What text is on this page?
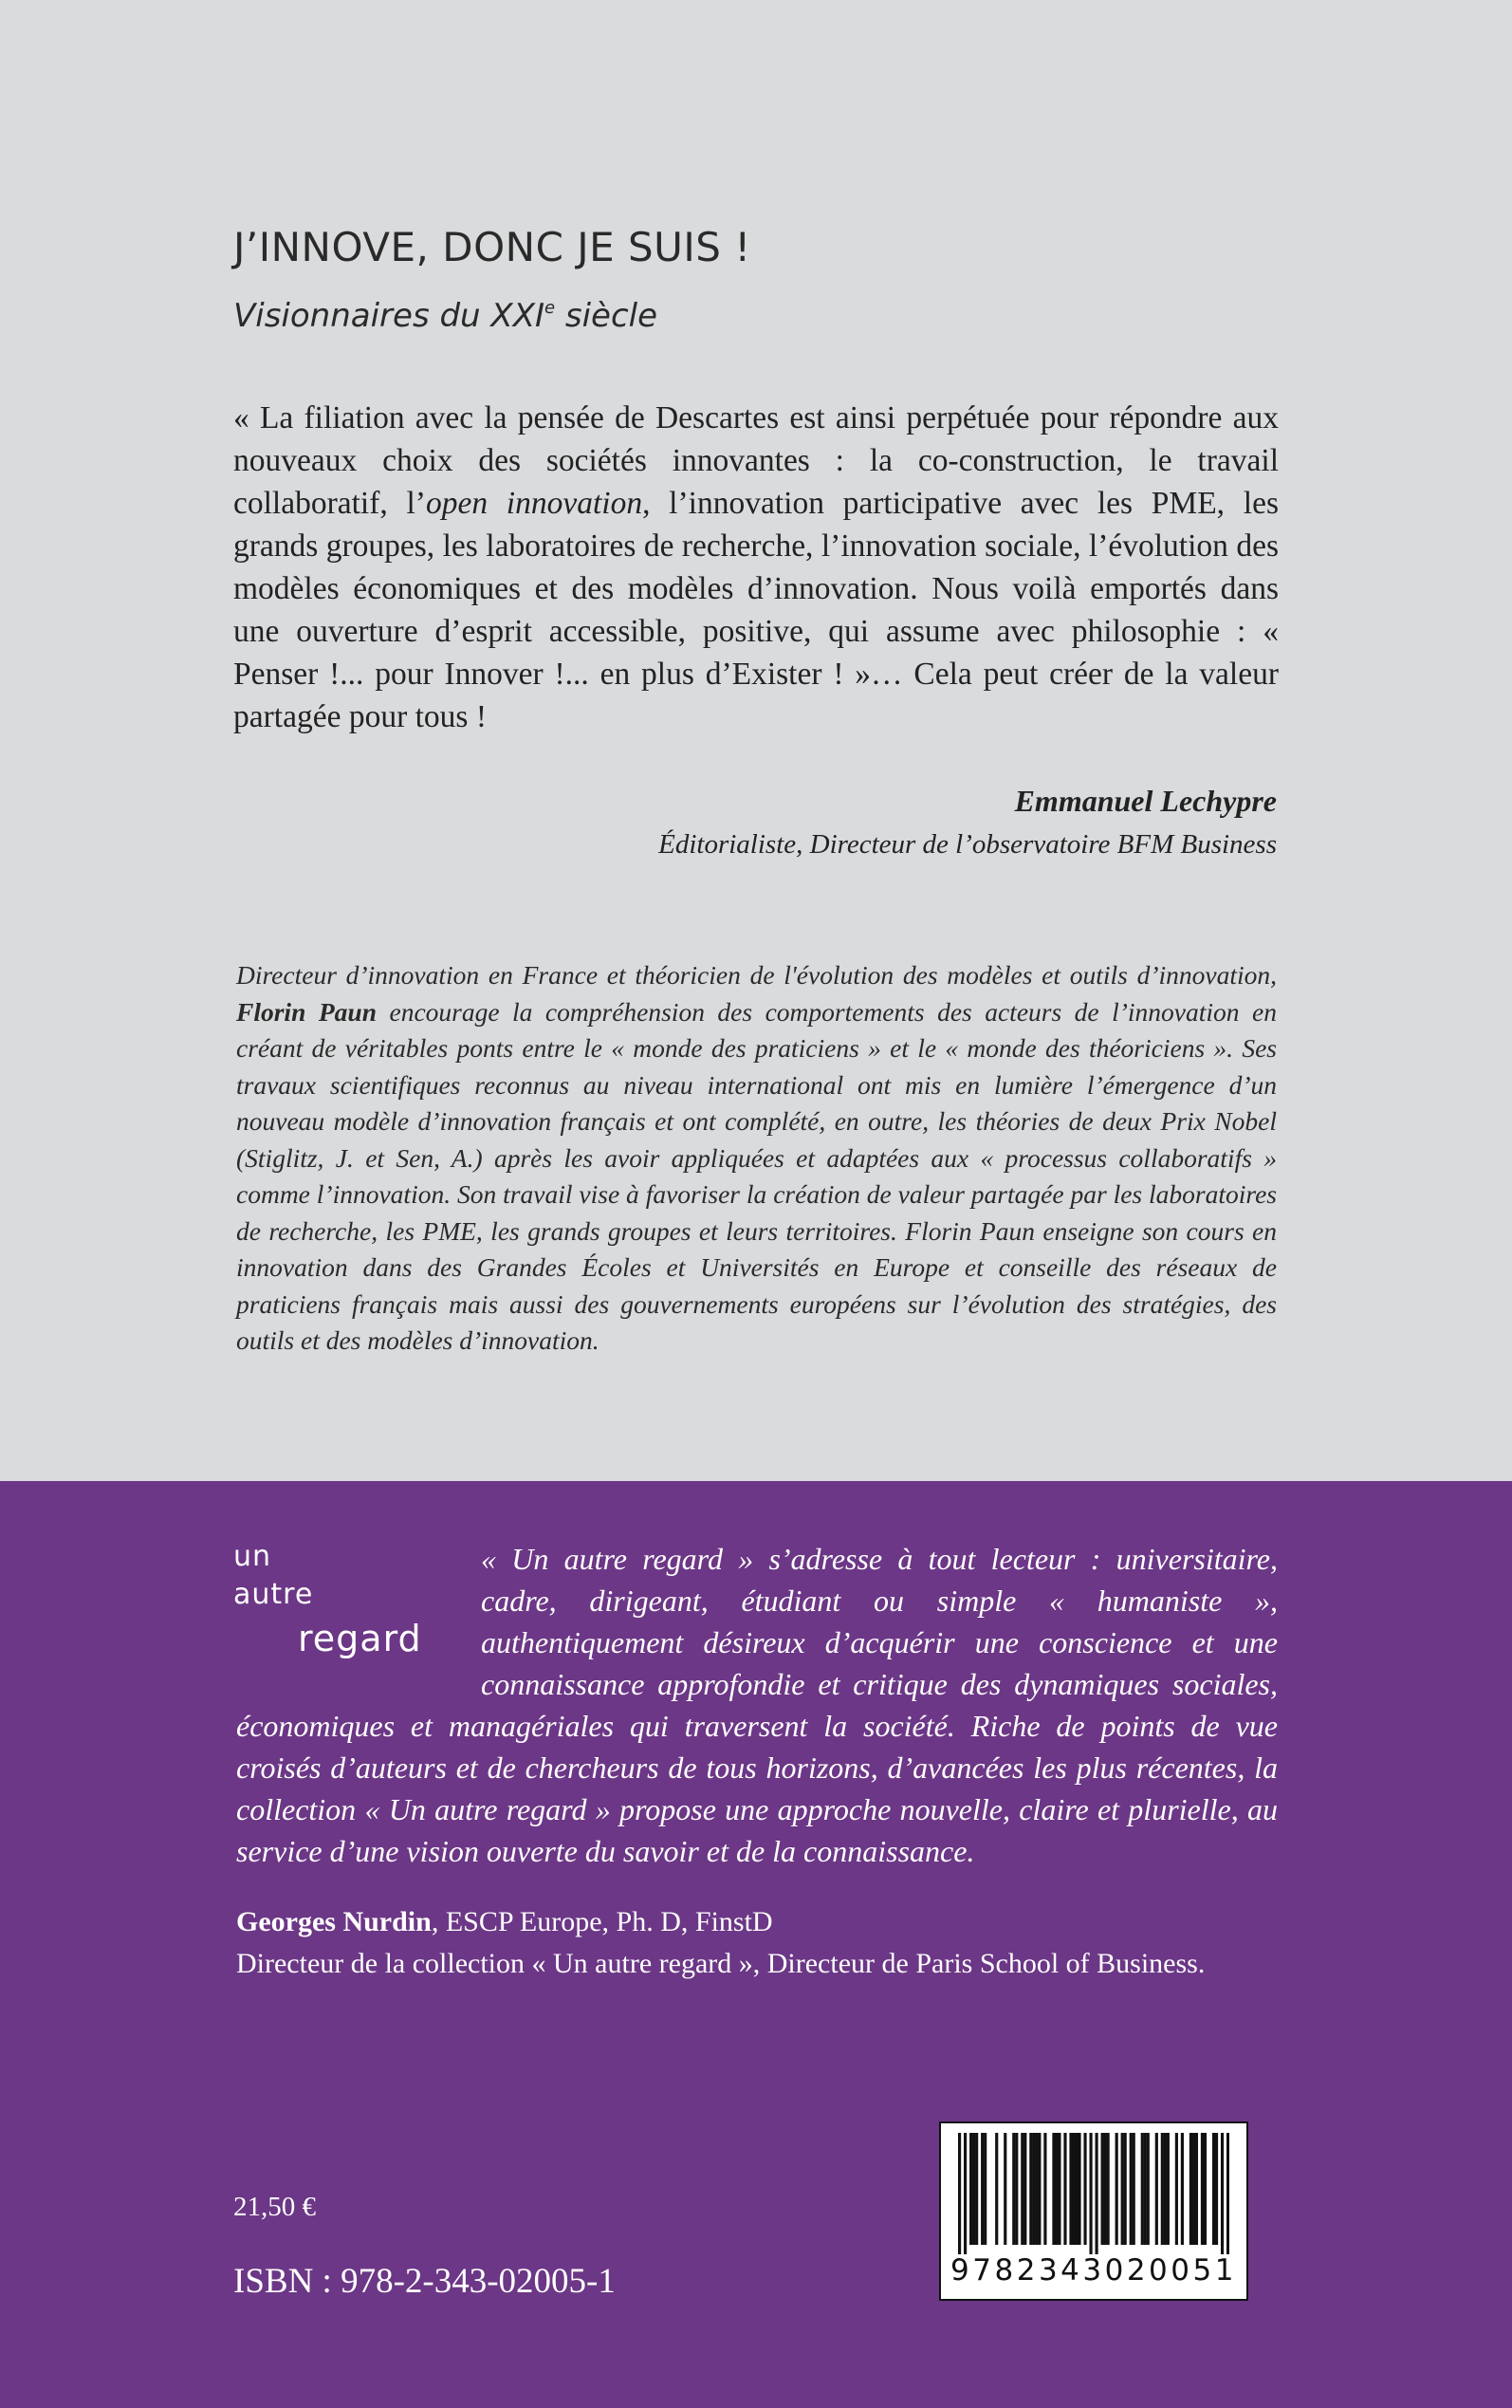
J’INNOVE, DONC JE SUIS !
Visionnaires du XXIe siècle

« La filiation avec la pensée de Descartes est ainsi perpétuée pour répondre aux nouveaux choix des sociétés innovantes : la co-construction, le travail collaboratif, l’open innovation, l’innovation participative avec les PME, les grands groupes, les laboratoires de recherche, l’innovation sociale, l’évolution des modèles économiques et des modèles d’innovation. Nous voilà emportés dans une ouverture d’esprit accessible, positive, qui assume avec philosophie : « Penser !... pour Innover !... en plus d’Exister ! »… Cela peut créer de la valeur partagée pour tous !

Emmanuel Lechypre
Éditorialiste, Directeur de l’observatoire BFM Business

Directeur d’innovation en France et théoricien de l'évolution des modèles et outils d’innovation, Florin Paun encourage la compréhension des comportements des acteurs de l’innovation en créant de véritables ponts entre le « monde des praticiens » et le « monde des théoriciens ». Ses travaux scientifiques reconnus au niveau international ont mis en lumière l’émergence d’un nouveau modèle d’innovation français et ont complété, en outre, les théories de deux Prix Nobel (Stiglitz, J. et Sen, A.) après les avoir appliquées et adaptées aux « processus collaboratifs » comme l’innovation. Son travail vise à favoriser la création de valeur partagée par les laboratoires de recherche, les PME, les grands groupes et leurs territoires. Florin Paun enseigne son cours en innovation dans des Grandes Écoles et Universités en Europe et conseille des réseaux de praticiens français mais aussi des gouvernements européens sur l’évolution des stratégies, des outils et des modèles d’innovation.

un
autre
regard

« Un autre regard » s’adresse à tout lecteur : universitaire, cadre, dirigeant, étudiant ou simple « humaniste », authentiquement désireux d’acquérir une conscience et une connaissance approfondie et critique des dynamiques sociales, économiques et managériales qui traversent la société. Riche de points de vue croisés d’auteurs et de chercheurs de tous horizons, d’avancées les plus récentes, la collection « Un autre regard » propose une approche nouvelle, claire et plurielle, au service d’une vision ouverte du savoir et de la connaissance.

Georges Nurdin, ESCP Europe, Ph. D, FinstD
Directeur de la collection « Un autre regard », Directeur de Paris School of Business.
21,50 €
ISBN : 978-2-343-02005-1	9782343020051
